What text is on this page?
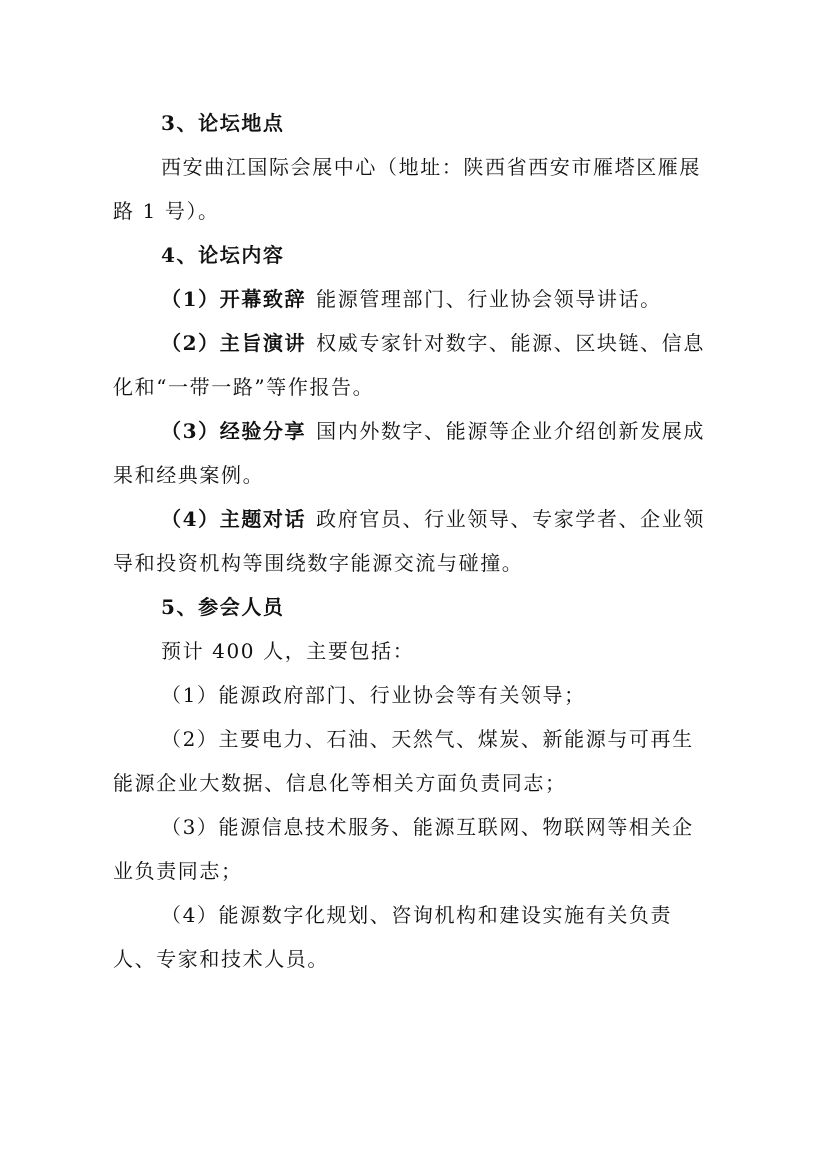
3、论坛地点

西安曲江国际会展中心（地址：陕西省西安市雁塔区雁展路 1 号）。

4、论坛内容

（1）开幕致辞 能源管理部门、行业协会领导讲话。

（2）主旨演讲 权威专家针对数字、能源、区块链、信息化和“一带一路”等作报告。

（3）经验分享 国内外数字、能源等企业介绍创新发展成果和经典案例。

（4）主题对话 政府官员、行业领导、专家学者、企业领导和投资机构等围绕数字能源交流与碰撞。

5、参会人员

预计 400 人，主要包括：

（1）能源政府部门、行业协会等有关领导；

（2）主要电力、石油、天然气、煤炭、新能源与可再生能源企业大数据、信息化等相关方面负责同志；

（3）能源信息技术服务、能源互联网、物联网等相关企业负责同志；

（4）能源数字化规划、咨询机构和建设实施有关负责人、专家和技术人员。
